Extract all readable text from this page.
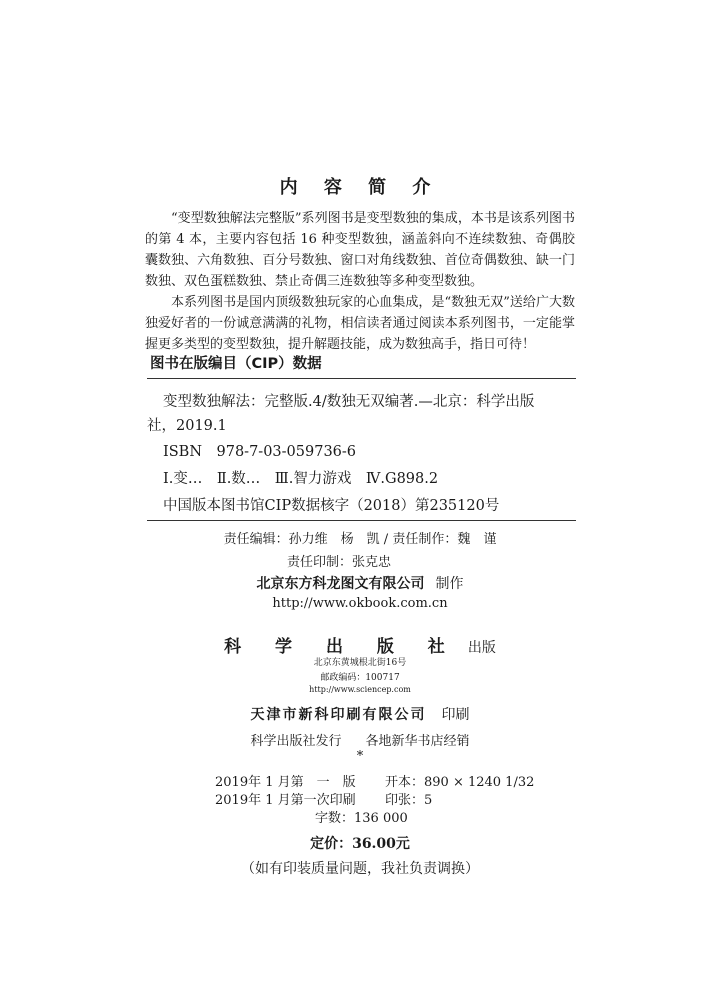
内 容 简 介

“变型数独解法完整版”系列图书是变型数独的集成，本书是该系列图书的第 4 本，主要内容包括 16 种变型数独，涵盖斜向不连续数独、奇偶胶囊数独、六角数独、百分号数独、窗口对角线数独、首位奇偶数独、缺一门数独、双色蛋糕数独、禁止奇偶三连数独等多种变型数独。

本系列图书是国内顶级数独玩家的心血集成，是“数独无双”送给广大数独爱好者的一份诚意满满的礼物，相信读者通过阅读本系列图书，一定能掌握更多类型的变型数独，提升解题技能，成为数独高手，指日可待！

图书在版编目（CIP）数据
变型数独解法：完整版.4/数独无双编著.—北京：科学出版
社，2019.1
ISBN　978-7-03-059736-6
Ⅰ.变…　Ⅱ.数…　Ⅲ.智力游戏　Ⅳ.G898.2
中国版本图书馆CIP数据核字（2018）第235120号
责任编辑：孙力维　杨　凯 / 责任制作：魏　谨
责任印制：张克忠
北京东方科龙图文有限公司 制作
http://www.okbook.com.cn
科 学 出 版 社 出版
北京东黄城根北街16号
邮政编码：100717
http://www.sciencep.com
天津市新科印刷有限公司 印刷
科学出版社发行 各地新华书店经销
*
2019年 1 月第　一　版 开本：890 × 1240 1/32
2019年 1 月第一次印刷 印张：5
字数：136 000
定价：36.00元
（如有印装质量问题，我社负责调换）
